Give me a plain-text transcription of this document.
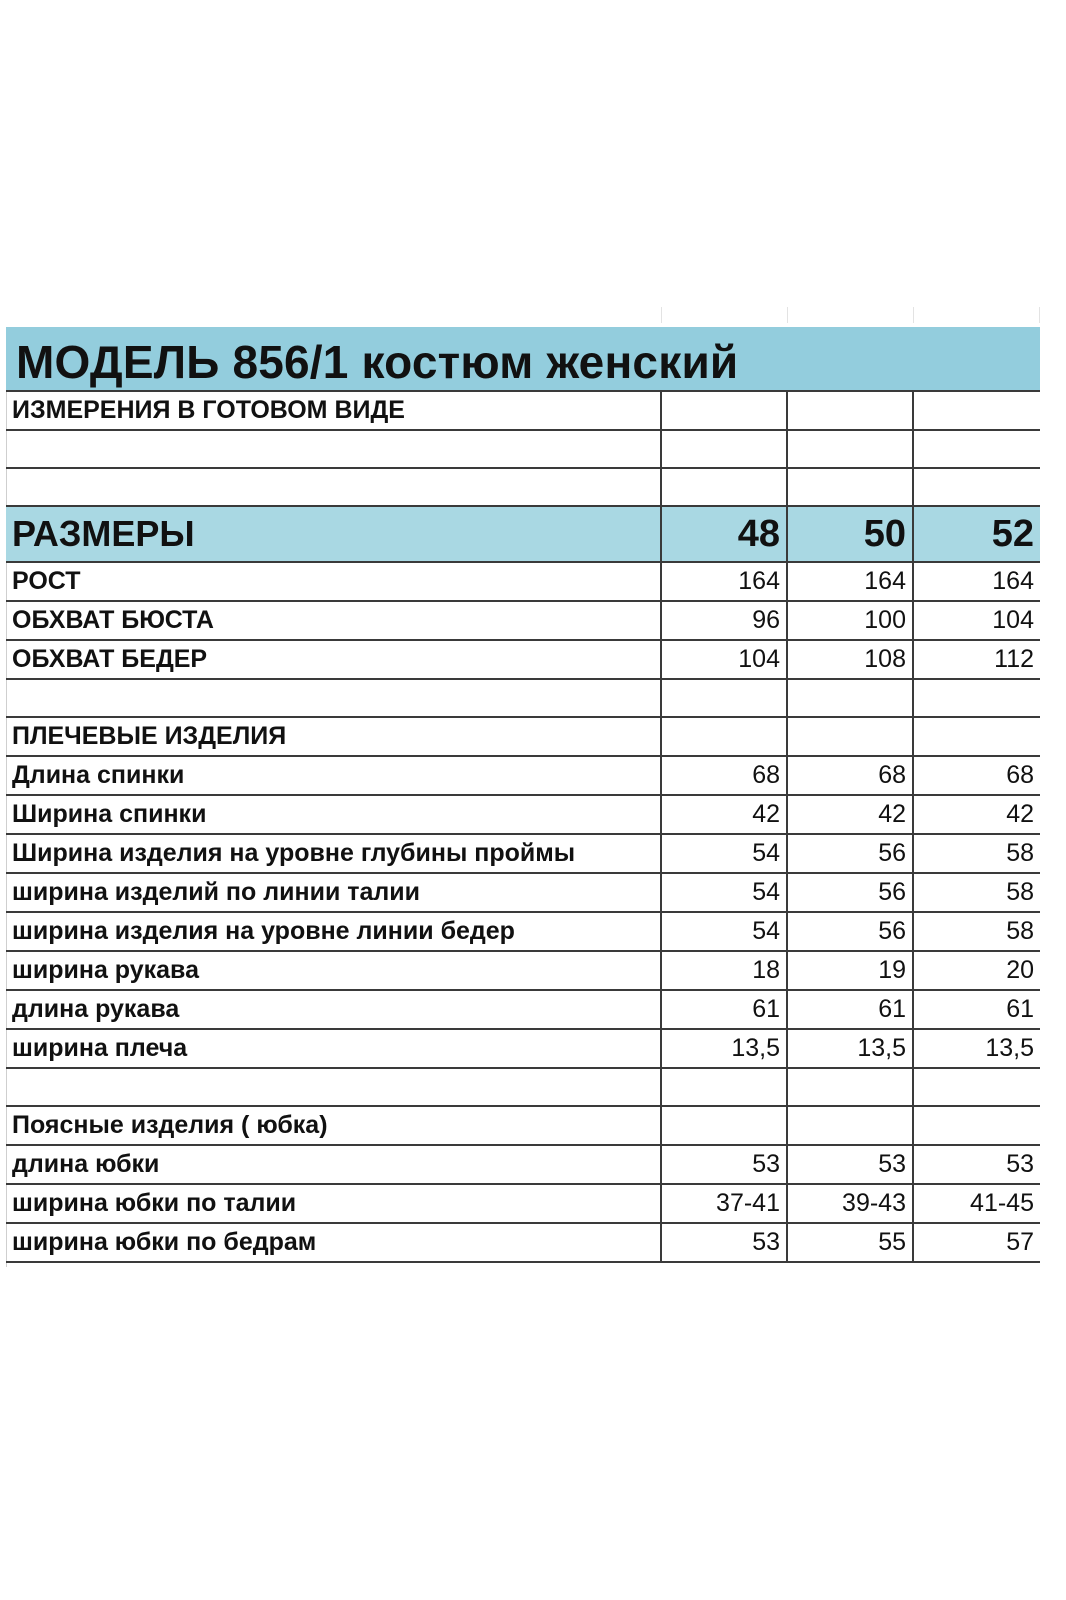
МОДЕЛЬ 856/1 костюм женский
ИЗМЕРЕНИЯ В ГОТОВОМ ВИДЕ			

РАЗМЕРЫ	48	50	52
РОСТ	164	164	164
ОБХВАТ БЮСТА	96	100	104
ОБХВАТ БЕДЕР	104	108	112

ПЛЕЧЕВЫЕ ИЗДЕЛИЯ			
Длина спинки	68	68	68
Ширина спинки	42	42	42
Ширина изделия на уровне глубины проймы	54	56	58
ширина изделий по линии талии	54	56	58
ширина изделия на уровне линии бедер	54	56	58
ширина рукава	18	19	20
длина рукава	61	61	61
ширина плеча	13,5	13,5	13,5

Поясные изделия ( юбка)			
длина юбки	53	53	53
ширина юбки по талии	37-41	39-43	41-45
ширина юбки по бедрам	53	55	57
